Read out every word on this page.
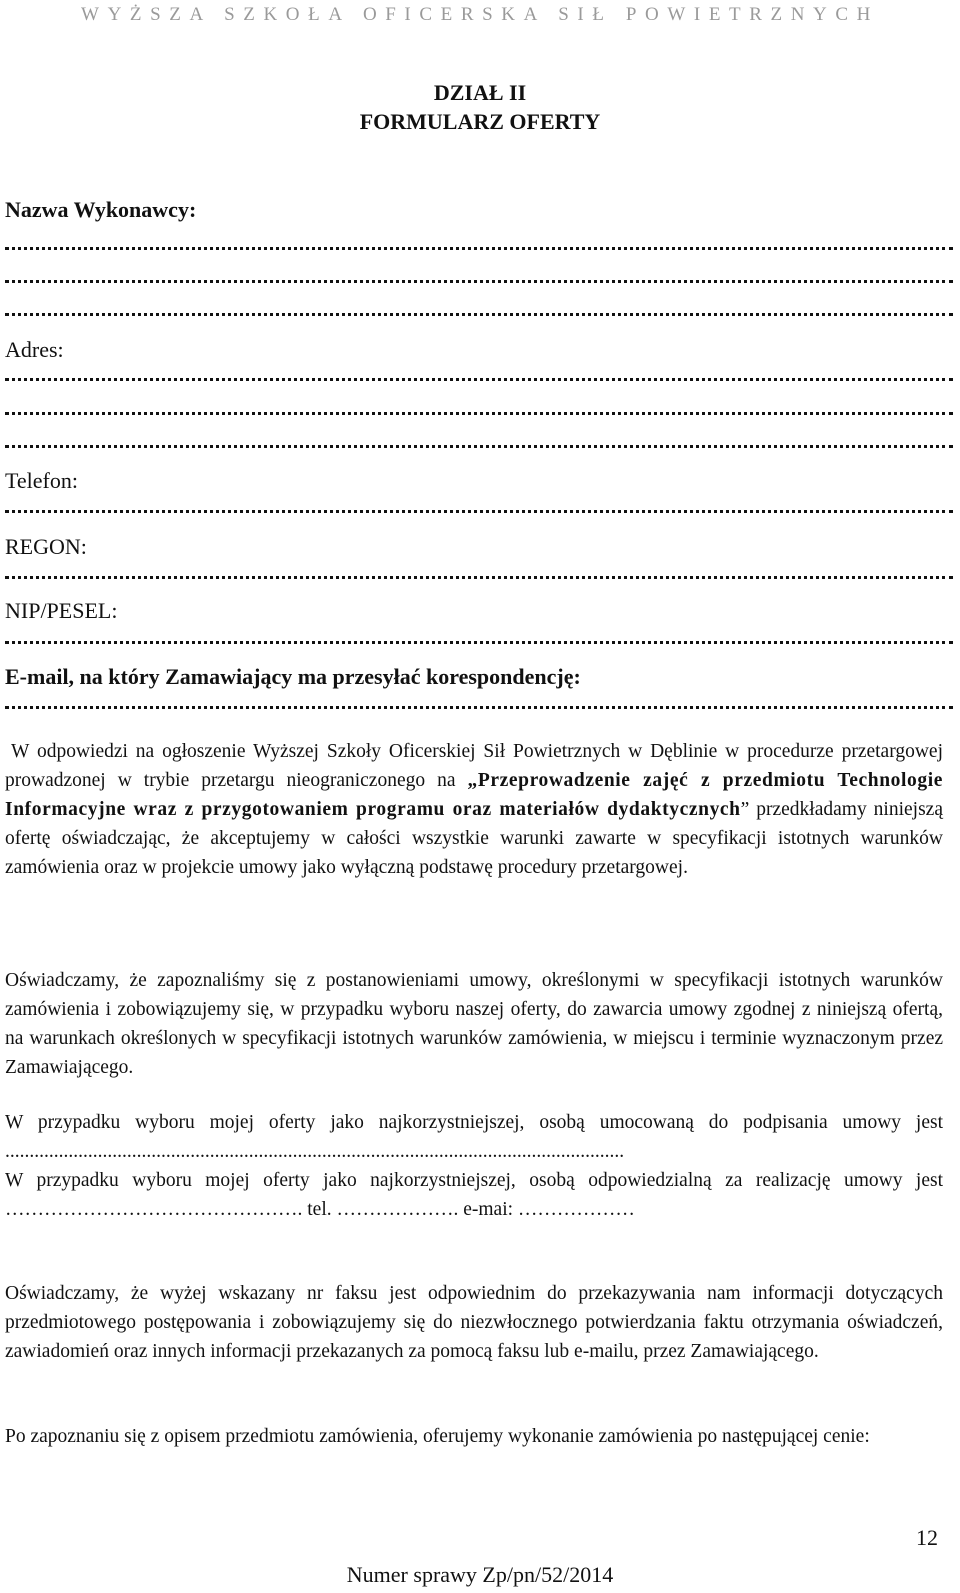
WYŻSZA SZKOŁA OFICERSKA SIŁ POWIETRZNYCH
DZIAŁ II
FORMULARZ OFERTY
Nazwa Wykonawcy:
Adres:
Telefon:
REGON:
NIP/PESEL:
E-mail, na który Zamawiający ma przesyłać korespondencję:

W odpowiedzi na ogłoszenie Wyższej Szkoły Oficerskiej Sił Powietrznych w Dęblinie w procedurze przetargowej prowadzonej w trybie przetargu nieograniczonego na „Przeprowadzenie zajęć z przedmiotu Technologie Informacyjne wraz z przygotowaniem programu oraz materiałów dydaktycznych” przedkładamy niniejszą ofertę oświadczając, że akceptujemy w całości wszystkie warunki zawarte w specyfikacji istotnych warunków zamówienia oraz w projekcie umowy jako wyłączną podstawę procedury przetargowej.

Oświadczamy, że zapoznaliśmy się z postanowieniami umowy, określonymi w specyfikacji istotnych warunków zamówienia i zobowiązujemy się, w przypadku wyboru naszej oferty, do zawarcia umowy zgodnej z niniejszą ofertą, na warunkach określonych w specyfikacji istotnych warunków zamówienia, w miejscu i terminie wyznaczonym przez Zamawiającego.

W przypadku wyboru mojej oferty jako najkorzystniejszej, osobą umocowaną do podpisania umowy jest ...............................................................................................................................

W przypadku wyboru mojej oferty jako najkorzystniejszej, osobą odpowiedzialną za realizację umowy jest ………………………………………. tel. ………………. e-mai: ………………

Oświadczamy, że wyżej wskazany nr faksu jest odpowiednim do przekazywania nam informacji dotyczących przedmiotowego postępowania i zobowiązujemy się do niezwłocznego potwierdzania faktu otrzymania oświadczeń, zawiadomień oraz innych informacji przekazanych za pomocą faksu lub e-mailu, przez Zamawiającego.

Po zapoznaniu się z opisem przedmiotu zamówienia, oferujemy wykonanie zamówienia po następującej cenie:

12
Numer sprawy Zp/pn/52/2014
